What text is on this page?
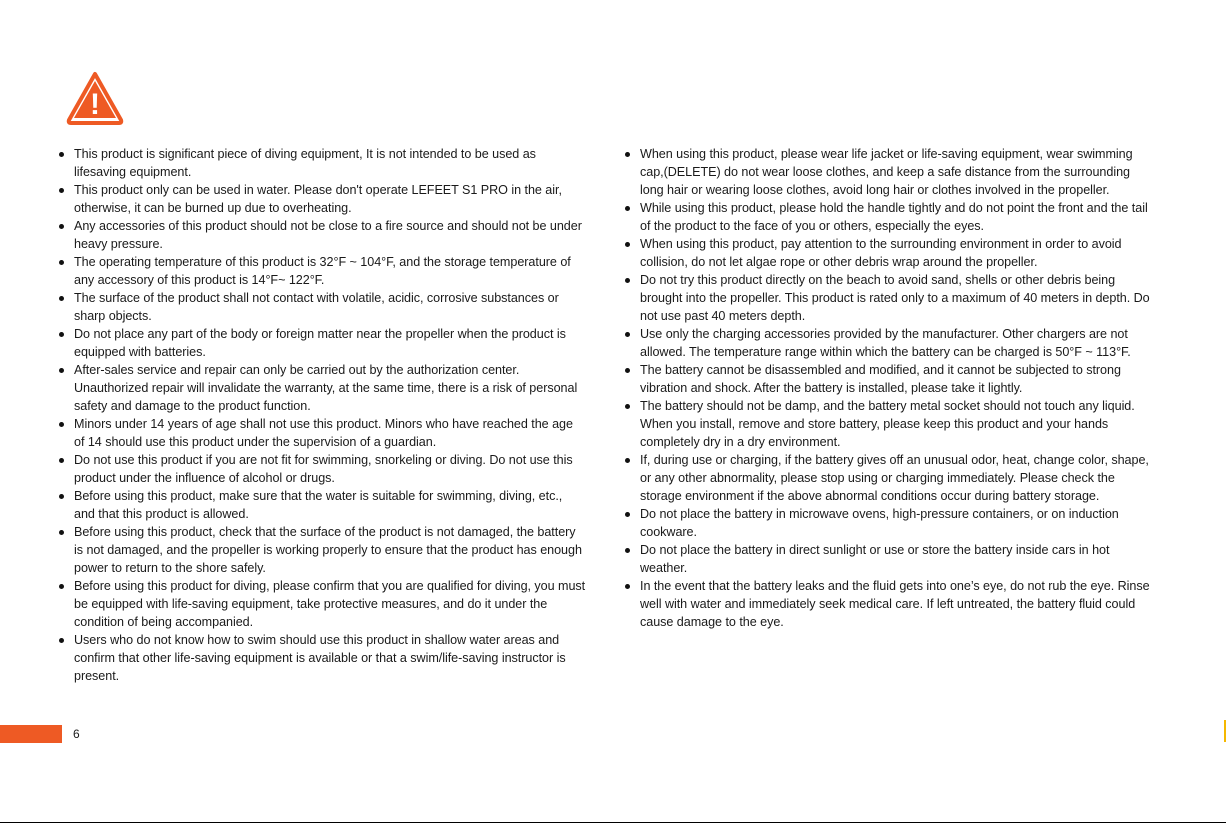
!
This product is significant piece of diving equipment, It is not intended to be used as lifesaving equipment.
This product only can be used in water. Please don't operate LEFEET S1 PRO in the air, otherwise, it can be burned up due to overheating.
Any accessories of this product should not be close to a fire source and should not be under heavy pressure.
The operating temperature of this product is 32°F ~ 104°F, and the storage temperature of any accessory of this product is 14°F~ 122°F.
The surface of the product shall not contact with volatile, acidic, corrosive substances or sharp objects.
Do not place any part of the body or foreign matter near the propeller when the product is equipped with batteries.
After-sales service and repair can only be carried out by the authorization center. Unauthorized repair will invalidate the warranty, at the same time, there is a risk of personal safety and damage to the product function.
Minors under 14 years of age shall not use this product. Minors who have reached the age of 14 should use this product under the supervision of a guardian.
Do not use this product if you are not fit for swimming, snorkeling or diving. Do not use this product under the influence of alcohol or drugs.
Before using this product, make sure that the water is suitable for swimming, diving, etc., and that this product is allowed.
Before using this product, check that the surface of the product is not damaged, the battery is not damaged, and the propeller is working properly to ensure that the product has enough power to return to the shore safely.
Before using this product for diving, please confirm that you are qualified for diving, you must be equipped with life-saving equipment, take protective measures, and do it under the condition of being accompanied.
Users who do not know how to swim should use this product in shallow water areas and confirm that other life-saving equipment is available or that a swim/life-saving instructor is present.
When using this product, please wear life jacket or life-saving equipment, wear swimming cap,(DELETE) do not wear loose clothes, and keep a safe distance from the surrounding long hair or wearing loose clothes, avoid long hair or clothes involved in the propeller.
While using this product, please hold the handle tightly and do not point the front and the tail of the product to the face of you or others, especially the eyes.
When using this product, pay attention to the surrounding environment in order to avoid collision, do not let algae rope or other debris wrap around the propeller.
Do not try this product directly on the beach to avoid sand, shells or other debris being brought into the propeller. This product is rated only to a maximum of 40 meters in depth. Do not use past 40 meters depth.
Use only the charging accessories provided by the manufacturer. Other chargers are not allowed. The temperature range within which the battery can be charged is 50°F ~ 113°F.
The battery cannot be disassembled and modified, and it cannot be subjected to strong vibration and shock. After the battery is installed, please take it lightly.
The battery should not be damp, and the battery metal socket should not touch any liquid. When you install, remove and store battery, please keep this product and your hands completely dry in a dry environment.
If, during use or charging, if the battery gives off an unusual odor, heat, change color, shape, or any other abnormality, please stop using or charging immediately. Please check the storage environment if the above abnormal conditions occur during battery storage.
Do not place the battery in microwave ovens, high-pressure containers, or on induction cookware.
Do not place the battery in direct sunlight or use or store the battery inside cars in hot weather.
In the event that the battery leaks and the fluid gets into one’s eye, do not rub the eye. Rinse well with water and immediately seek medical care. If left untreated, the battery fluid could cause damage to the eye.
6
